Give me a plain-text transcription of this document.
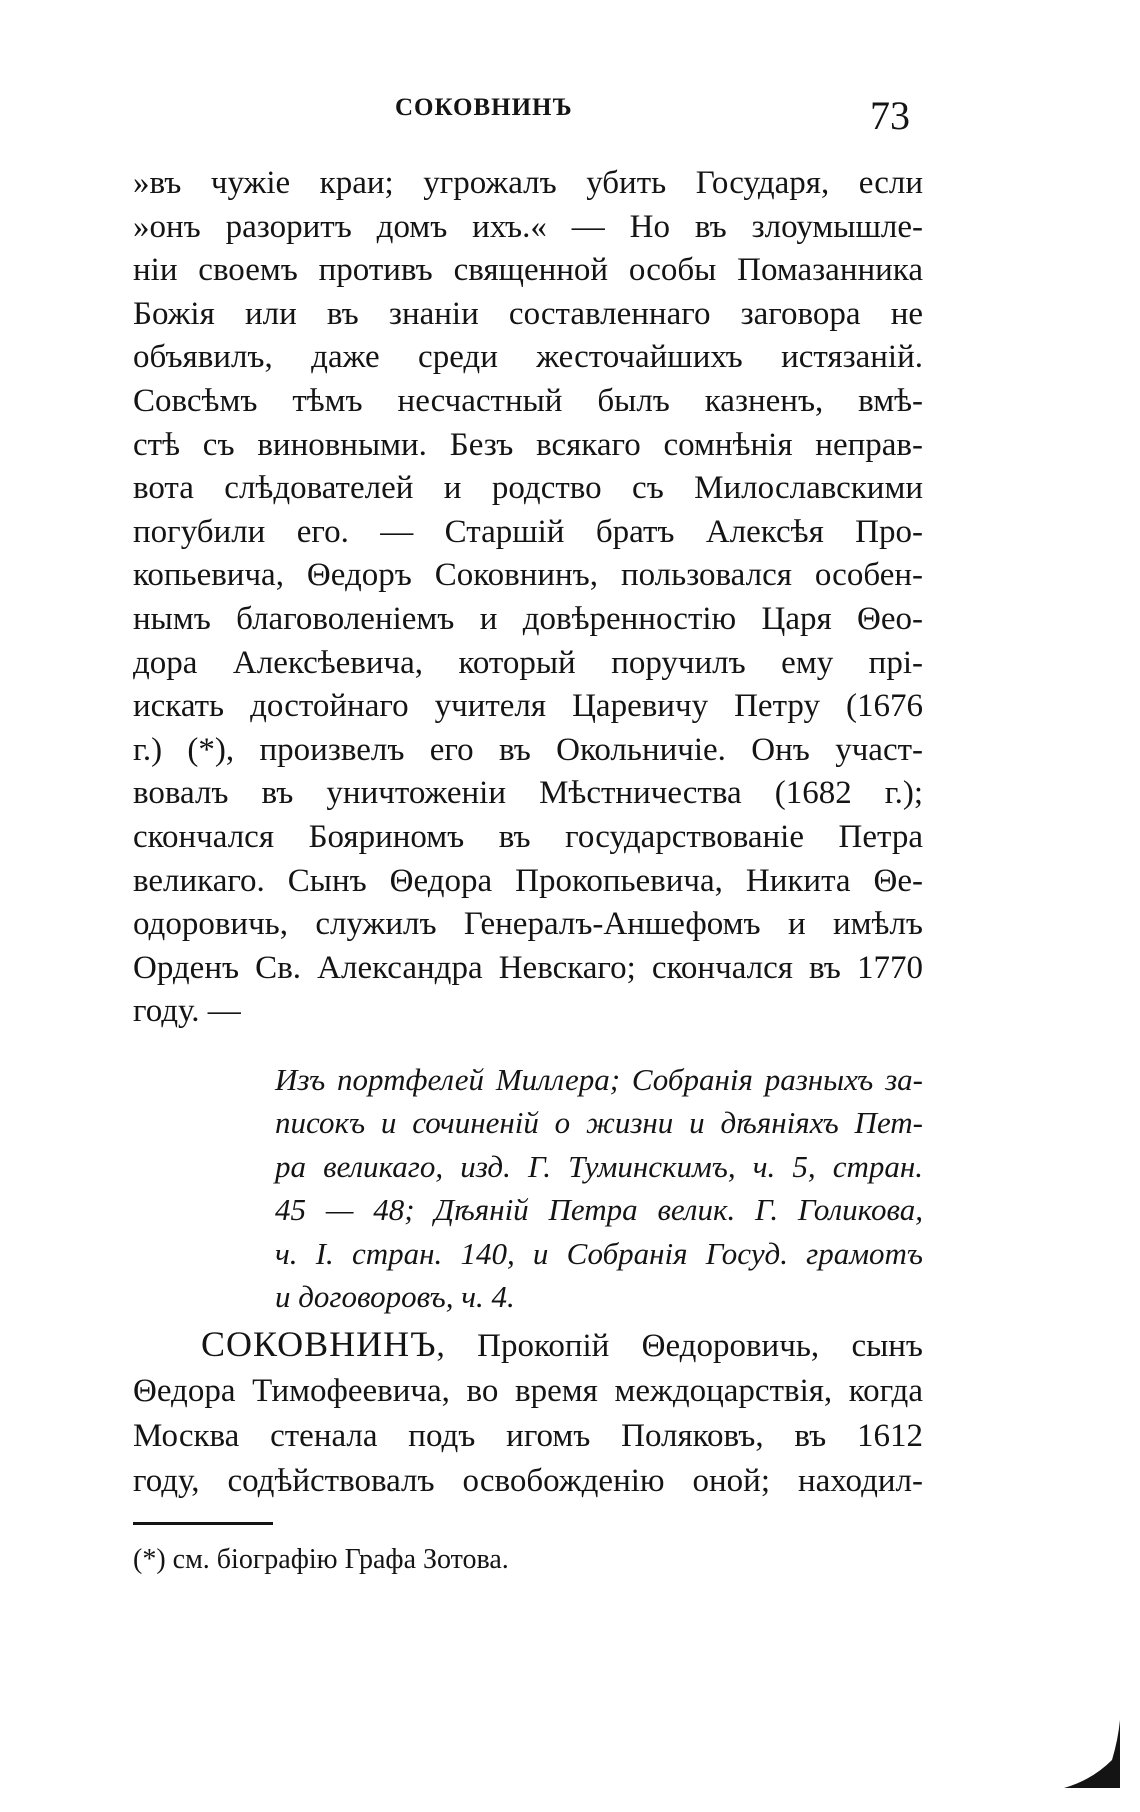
СОКОВНИНЪ	73
»въ чужіе краи; угрожалъ убить Государя, если
»онъ разоритъ домъ ихъ.« — Но въ злоумышле-
ніи своемъ противъ священной особы Помазанника
Божія или въ знаніи составленнаго заговора не
объявилъ, даже среди жесточайшихъ истязаній.
Совсѣмъ тѣмъ несчастный былъ казненъ, вмѣ-
стѣ съ виновными. Безъ всякаго сомнѣнія неправ-
вота слѣдователей и родство съ Милославскими
погубили его. — Старшій братъ Алексѣя Про-
копьевича, Θедоръ Соковнинъ, пользовался особен-
нымъ благоволеніемъ и довѣренностію Царя Θео-
дора Алексѣевича, который поручилъ ему прі-
искать достойнаго учителя Царевичу Петру (1676
г.) (*), произвелъ его въ Окольничіе. Онъ участ-
вовалъ въ уничтоженіи Мѣстничества (1682 г.);
скончался Бояриномъ въ государствованіе Петра
великаго. Сынъ Θедора Прокопьевича, Никита Θе-
одоровичь, служилъ Генералъ-Аншефомъ и имѣлъ
Орденъ Св. Александра Невскаго; скончался въ 1770
году. —
Изъ портфелей Миллера; Собранія разныхъ за-
писокъ и сочиненій о жизни и дѣяніяхъ Пет-
ра великаго, изд. Г. Туминскимъ, ч. 5, стран.
45 — 48; Дѣяній Петра велик. Г. Голикова,
ч. I. стран. 140, и Собранія Госуд. грамотъ
и договоровъ, ч. 4.
СОКОВНИНЪ, Прокопій Θедоровичь, сынъ
Θедора Тимофеевича, во время междоцарствія, когда
Москва стенала подъ игомъ Поляковъ, въ 1612
году, содѣйствовалъ освобожденію оной; находил-
(*) см. біографію Графа Зотова.
